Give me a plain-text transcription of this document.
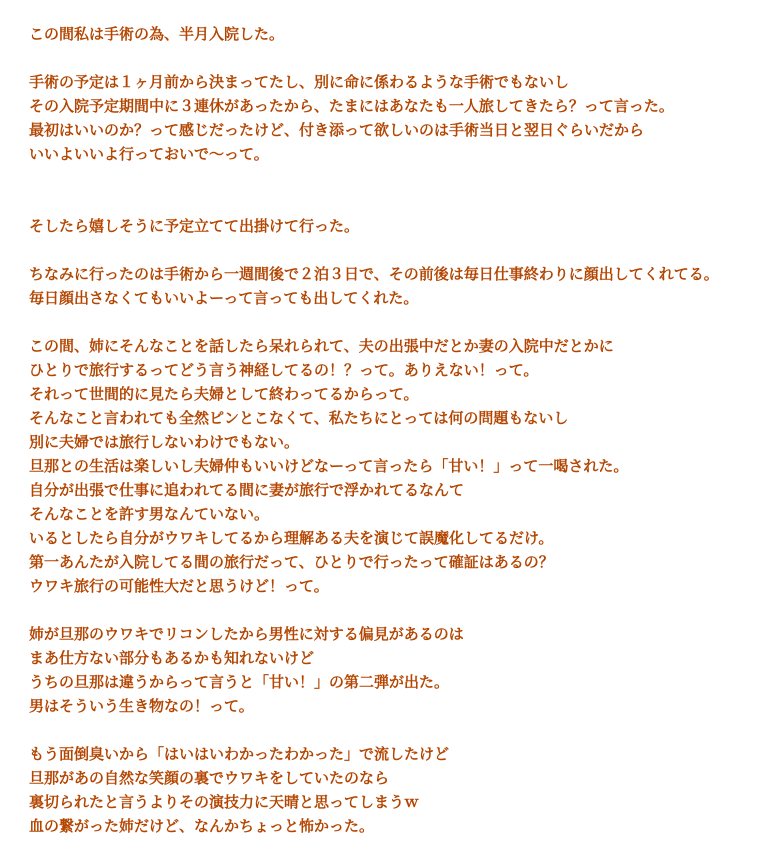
この間私は手術の為、半月入院した。

手術の予定は１ヶ月前から決まってたし、別に命に係わるような手術でもないし
その入院予定期間中に３連休があったから、たまにはあなたも一人旅してきたら？って言った。
最初はいいのか？って感じだったけど、付き添って欲しいのは手術当日と翌日ぐらいだから
いいよいいよ行っておいで〜って。

そしたら嬉しそうに予定立てて出掛けて行った。

ちなみに行ったのは手術から一週間後で２泊３日で、その前後は毎日仕事終わりに顔出してくれてる。
毎日顔出さなくてもいいよーって言っても出してくれた。

この間、姉にそんなことを話したら呆れられて、夫の出張中だとか妻の入院中だとかに
ひとりで旅行するってどう言う神経してるの！？って。ありえない！って。
それって世間的に見たら夫婦として終わってるからって。
そんなこと言われても全然ピンとこなくて、私たちにとっては何の問題もないし
別に夫婦では旅行しないわけでもない。
旦那との生活は楽しいし夫婦仲もいいけどなーって言ったら「甘い！」って一喝された。
自分が出張で仕事に追われてる間に妻が旅行で浮かれてるなんて
そんなことを許す男なんていない。
いるとしたら自分がウワキしてるから理解ある夫を演じて誤魔化してるだけ。
第一あんたが入院してる間の旅行だって、ひとりで行ったって確証はあるの？
ウワキ旅行の可能性大だと思うけど！って。

姉が旦那のウワキでリコンしたから男性に対する偏見があるのは
まあ仕方ない部分もあるかも知れないけど
うちの旦那は違うからって言うと「甘い！」の第二弾が出た。
男はそういう生き物なの！って。

もう面倒臭いから「はいはいわかったわかった」で流したけど
旦那があの自然な笑顔の裏でウワキをしていたのなら
裏切られたと言うよりその演技力に天晴と思ってしまうｗ
血の繋がった姉だけど、なんかちょっと怖かった。
